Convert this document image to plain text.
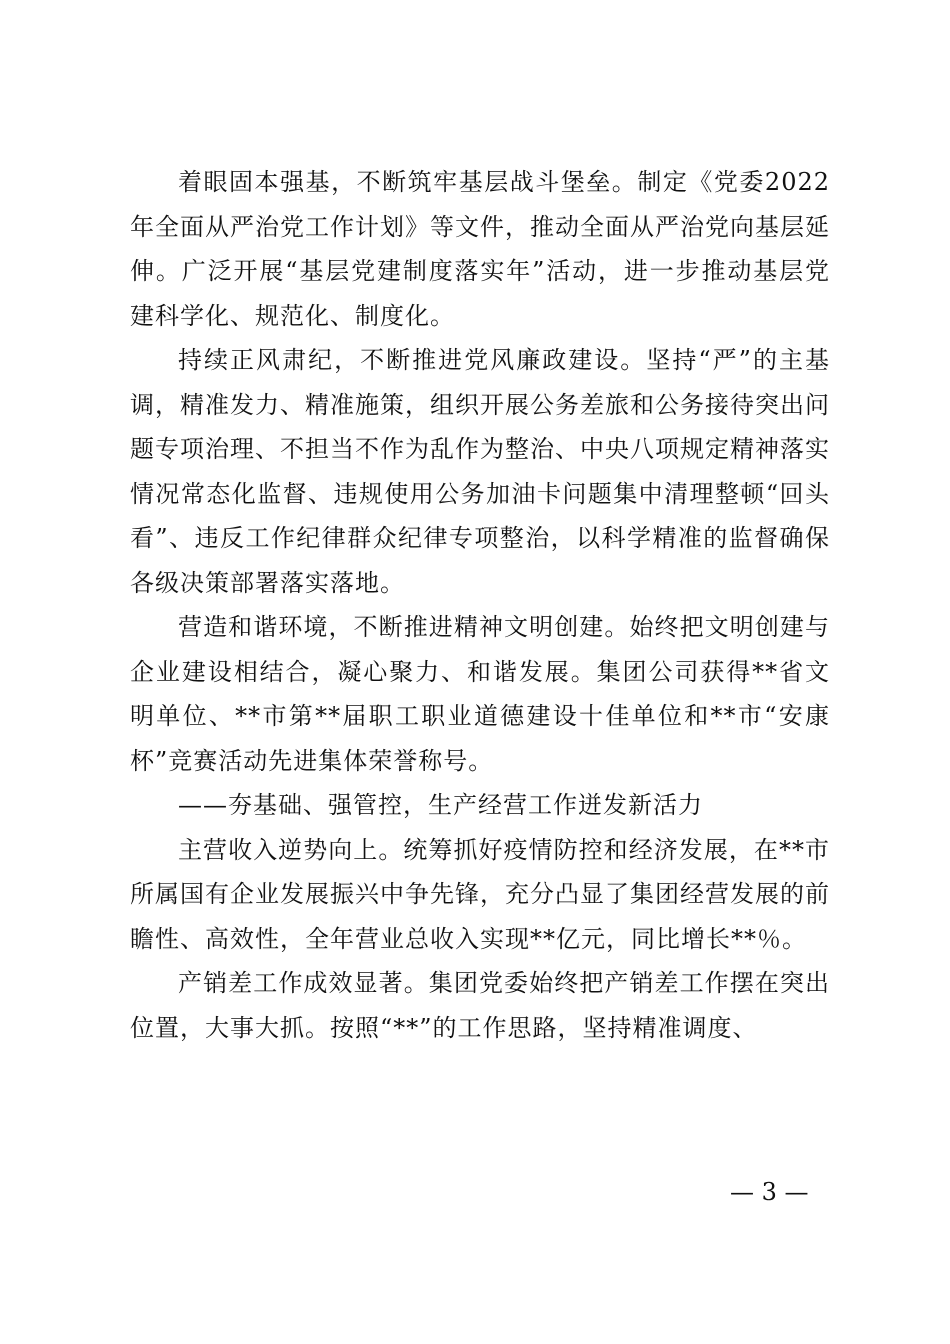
着眼固本强基，不断筑牢基层战斗堡垒。制定《党委2022年全面从严治党工作计划》等文件，推动全面从严治党向基层延伸。广泛开展“基层党建制度落实年”活动，进一步推动基层党建科学化、规范化、制度化。

持续正风肃纪，不断推进党风廉政建设。坚持“严”的主基调，精准发力、精准施策，组织开展公务差旅和公务接待突出问题专项治理、不担当不作为乱作为整治、中央八项规定精神落实情况常态化监督、违规使用公务加油卡问题集中清理整顿“回头看”、违反工作纪律群众纪律专项整治，以科学精准的监督确保各级决策部署落实落地。

营造和谐环境，不断推进精神文明创建。始终把文明创建与企业建设相结合，凝心聚力、和谐发展。集团公司获得**省文明单位、**市第**届职工职业道德建设十佳单位和**市“安康杯”竞赛活动先进集体荣誉称号。

——夯基础、强管控，生产经营工作迸发新活力

主营收入逆势向上。统筹抓好疫情防控和经济发展，在**市所属国有企业发展振兴中争先锋，充分凸显了集团经营发展的前瞻性、高效性，全年营业总收入实现**亿元，同比增长**％。

产销差工作成效显著。集团党委始终把产销差工作摆在突出位置，大事大抓。按照“**”的工作思路，坚持精准调度、

— 3 —
